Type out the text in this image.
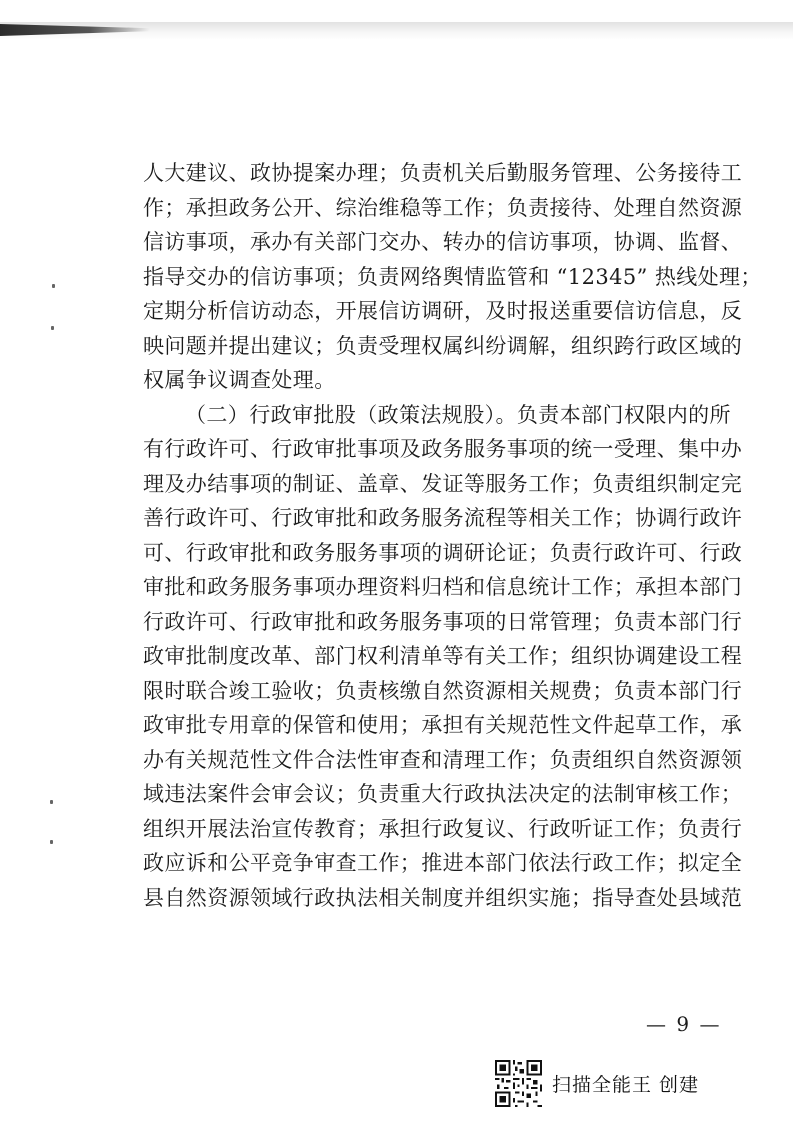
人大建议、政协提案办理；负责机关后勤服务管理、公务接待工
作；承担政务公开、综治维稳等工作；负责接待、处理自然资源
信访事项，承办有关部门交办、转办的信访事项，协调、监督、
指导交办的信访事项；负责网络舆情监管和 “12345” 热线处理；
定期分析信访动态，开展信访调研，及时报送重要信访信息，反
映问题并提出建议；负责受理权属纠纷调解，组织跨行政区域的
权属争议调查处理。

（二）行政审批股（政策法规股）。负责本部门权限内的所
有行政许可、行政审批事项及政务服务事项的统一受理、集中办
理及办结事项的制证、盖章、发证等服务工作；负责组织制定完
善行政许可、行政审批和政务服务流程等相关工作；协调行政许
可、行政审批和政务服务事项的调研论证；负责行政许可、行政
审批和政务服务事项办理资料归档和信息统计工作；承担本部门
行政许可、行政审批和政务服务事项的日常管理；负责本部门行
政审批制度改革、部门权利清单等有关工作；组织协调建设工程
限时联合竣工验收；负责核缴自然资源相关规费；负责本部门行
政审批专用章的保管和使用；承担有关规范性文件起草工作，承
办有关规范性文件合法性审查和清理工作；负责组织自然资源领
域违法案件会审会议；负责重大行政执法决定的法制审核工作；
组织开展法治宣传教育；承担行政复议、行政听证工作；负责行
政应诉和公平竞争审查工作；推进本部门依法行政工作；拟定全
县自然资源领域行政执法相关制度并组织实施；指导查处县域范

— 9 —
扫描全能王 创建
